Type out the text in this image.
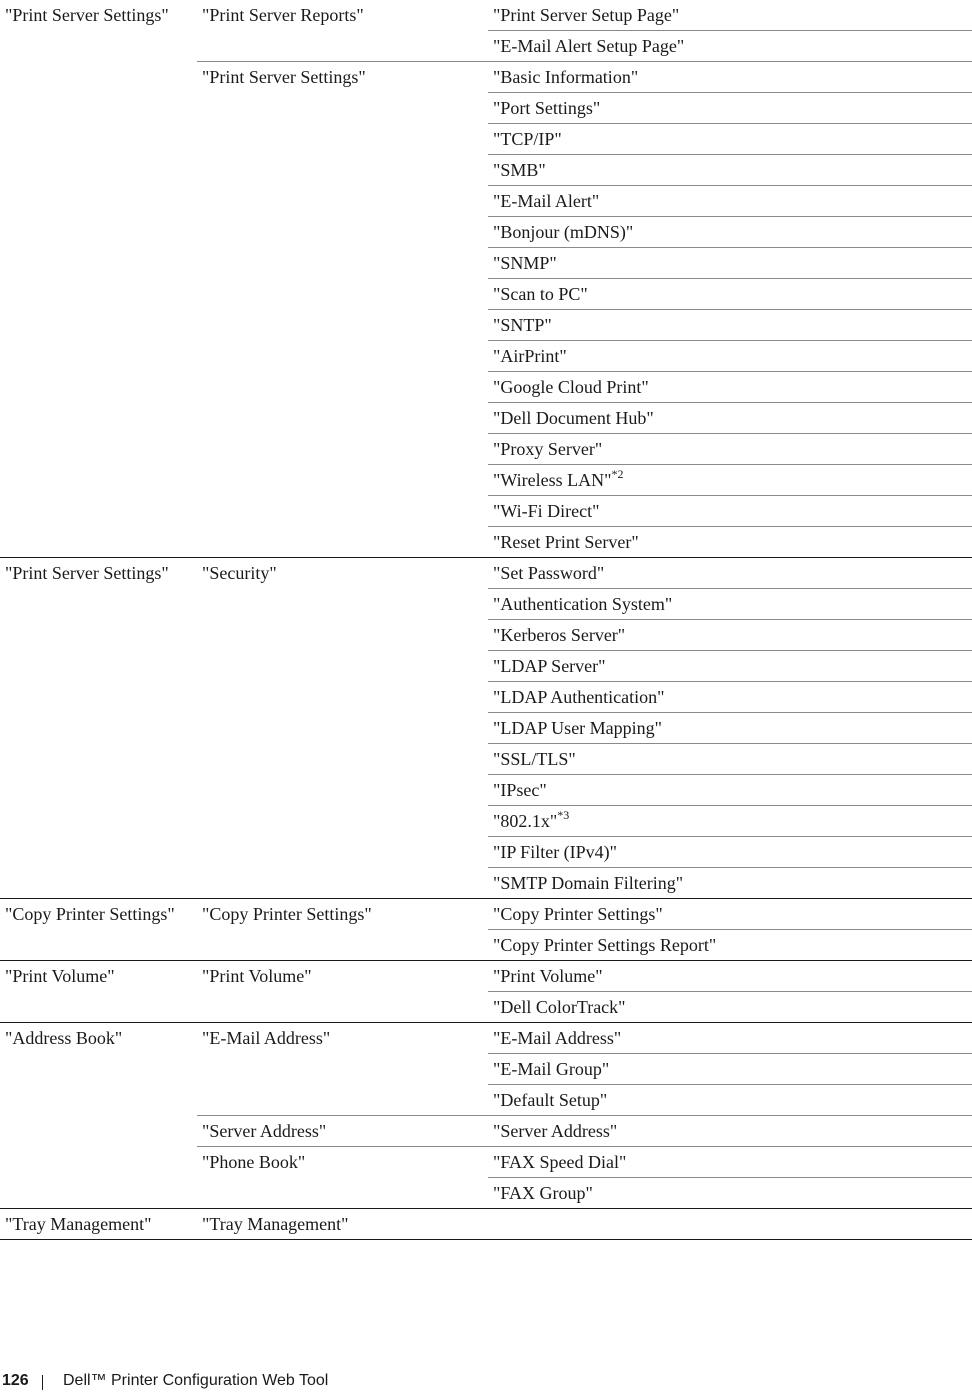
"Print Server Settings"	"Print Server Reports"	"Print Server Setup Page"
		"E-Mail Alert Setup Page"
	"Print Server Settings"	"Basic Information"
		"Port Settings"
		"TCP/IP"
		"SMB"
		"E-Mail Alert"
		"Bonjour (mDNS)"
		"SNMP"
		"Scan to PC"
		"SNTP"
		"AirPrint"
		"Google Cloud Print"
		"Dell Document Hub"
		"Proxy Server"
		"Wireless LAN"$^{*2}$
		"Wi-Fi Direct"
		"Reset Print Server"
"Print Server Settings"	"Security"	"Set Password"
		"Authentication System"
		"Kerberos Server"
		"LDAP Server"
		"LDAP Authentication"
		"LDAP User Mapping"
		"SSL/TLS"
		"IPsec"
		"802.1x"$^{*3}$
		"IP Filter (IPv4)"
		"SMTP Domain Filtering"
"Copy Printer Settings"	"Copy Printer Settings"	"Copy Printer Settings"
		"Copy Printer Settings Report"
"Print Volume"	"Print Volume"	"Print Volume"
		"Dell ColorTrack"
"Address Book"	"E-Mail Address"	"E-Mail Address"
		"E-Mail Group"
		"Default Setup"
	"Server Address"	"Server Address"
	"Phone Book"	"FAX Speed Dial"
		"FAX Group"
"Tray Management"	"Tray Management"	
126 Dell™ Printer Configuration Web Tool
